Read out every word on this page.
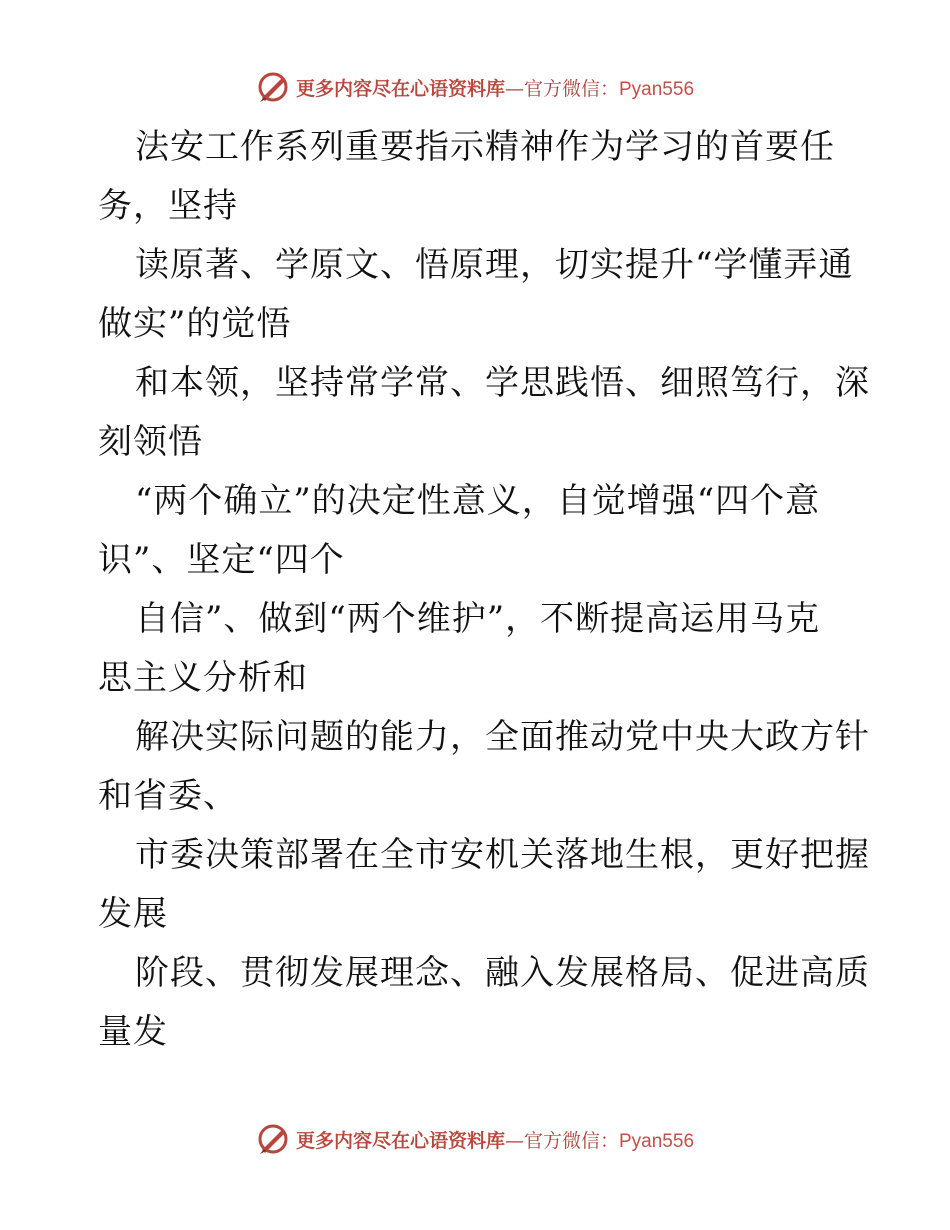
更多内容尽在心语资料库—官方微信：Pyan556
法安工作系列重要指示精神作为学习的首要任
务，坚持
读原著、学原文、悟原理，切实提升“学懂弄通
做实”的觉悟
和本领，坚持常学常、学思践悟、细照笃行，深
刻领悟
“两个确立”的决定性意义，自觉增强“四个意
识”、坚定“四个
自信”、做到“两个维护”，不断提高运用马克
思主义分析和
解决实际问题的能力，全面推动党中央大政方针
和省委、
市委决策部署在全市安机关落地生根，更好把握
发展
阶段、贯彻发展理念、融入发展格局、促进高质
量发
更多内容尽在心语资料库—官方微信：Pyan556
